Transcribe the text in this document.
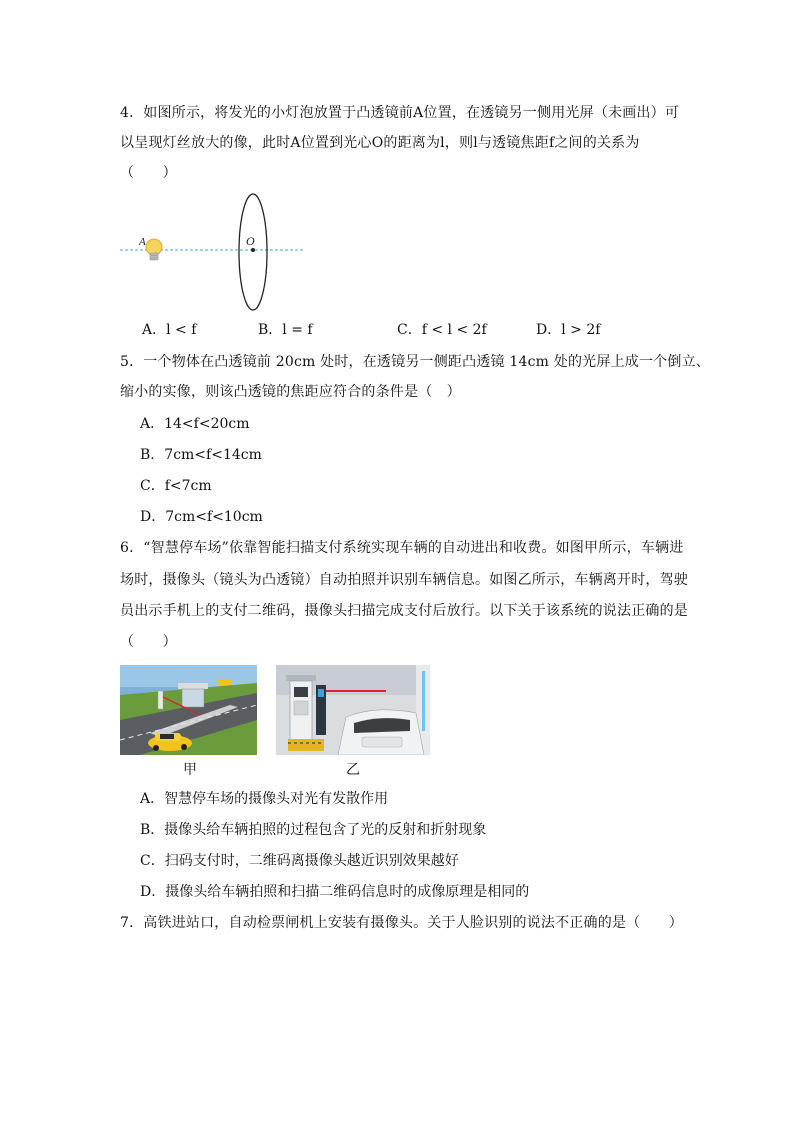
4．如图所示，将发光的小灯泡放置于凸透镜前A位置，在透镜另一侧用光屏（未画出）可
以呈现灯丝放大的像，此时A位置到光心O的距离为l，则l与透镜焦距f之间的关系为
（　　）
O
A
A．l < f	B．l = f	C．f < l < 2f	D．l > 2f
5．一个物体在凸透镜前 20cm 处时，在透镜另一侧距凸透镜 14cm 处的光屏上成一个倒立、
缩小的实像，则该凸透镜的焦距应符合的条件是（　）
A．14<f<20cm
B．7cm<f<14cm
C．f<7cm
D．7cm<f<10cm
6．“智慧停车场”依靠智能扫描支付系统实现车辆的自动进出和收费。如图甲所示，车辆进
场时，摄像头（镜头为凸透镜）自动拍照并识别车辆信息。如图乙所示，车辆离开时，驾驶
员出示手机上的支付二维码，摄像头扫描完成支付后放行。以下关于该系统的说法正确的是
（　　）
甲	乙
A．智慧停车场的摄像头对光有发散作用
B．摄像头给车辆拍照的过程包含了光的反射和折射现象
C．扫码支付时，二维码离摄像头越近识别效果越好
D．摄像头给车辆拍照和扫描二维码信息时的成像原理是相同的
7．高铁进站口，自动检票闸机上安装有摄像头。关于人脸识别的说法不正确的是（　　）
